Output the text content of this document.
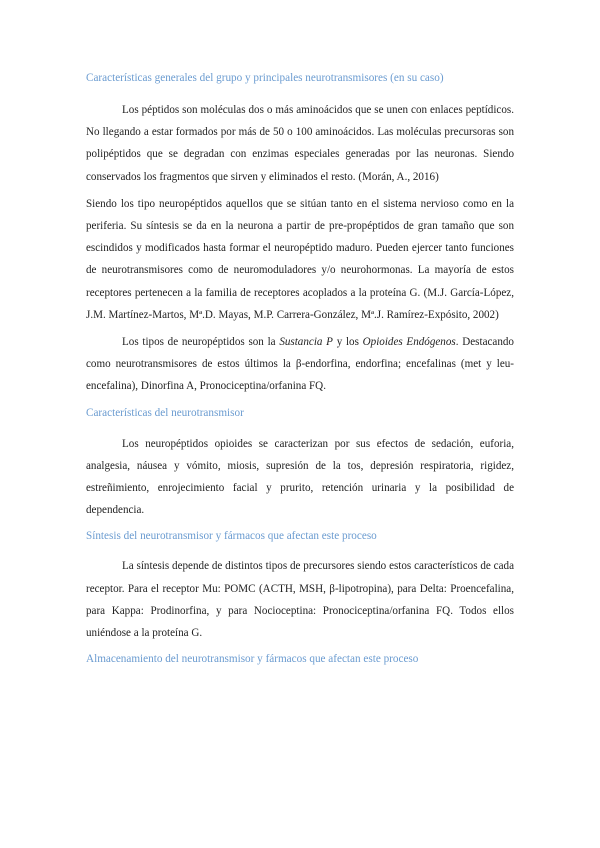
Características generales del grupo y principales neurotransmisores (en su caso)

Los péptidos son moléculas dos o más aminoácidos que se unen con enlaces peptídicos. No llegando a estar formados por más de 50 o 100 aminoácidos. Las moléculas precursoras son polipéptidos que se degradan con enzimas especiales generadas por las neuronas. Siendo conservados los fragmentos que sirven y eliminados el resto. (Morán, A., 2016)

Siendo los tipo neuropéptidos aquellos que se sitúan tanto en el sistema nervioso como en la periferia. Su síntesis se da en la neurona a partir de pre-propéptidos de gran tamaño que son escindidos y modificados hasta formar el neuropéptido maduro. Pueden ejercer tanto funciones de neurotransmisores como de neuromoduladores y/o neurohormonas. La mayoría de estos receptores pertenecen a la familia de receptores acoplados a la proteína G. (M.J. García-López, J.M. Martínez-Martos, Mª.D. Mayas, M.P. Carrera-González, Mª.J. Ramírez-Expósito, 2002)

Los tipos de neuropéptidos son la Sustancia P y los Opioides Endógenos. Destacando como neurotransmisores de estos últimos la β-endorfina, endorfina; encefalinas (met y leu-encefalina), Dinorfina A, Pronociceptina/orfanina FQ.

Características del neurotransmisor

Los neuropéptidos opioides se caracterizan por sus efectos de sedación, euforia, analgesia, náusea y vómito, miosis, supresión de la tos, depresión respiratoria, rigidez, estreñimiento, enrojecimiento facial y prurito, retención urinaria y la posibilidad de dependencia.

Síntesis del neurotransmisor y fármacos que afectan este proceso

La síntesis depende de distintos tipos de precursores siendo estos característicos de cada receptor. Para el receptor Mu: POMC (ACTH, MSH, β-lipotropina), para Delta: Proencefalina, para Kappa: Prodinorfina, y para Nocioceptina: Pronociceptina/orfanina FQ. Todos ellos uniéndose a la proteína G.

Almacenamiento del neurotransmisor y fármacos que afectan este proceso
